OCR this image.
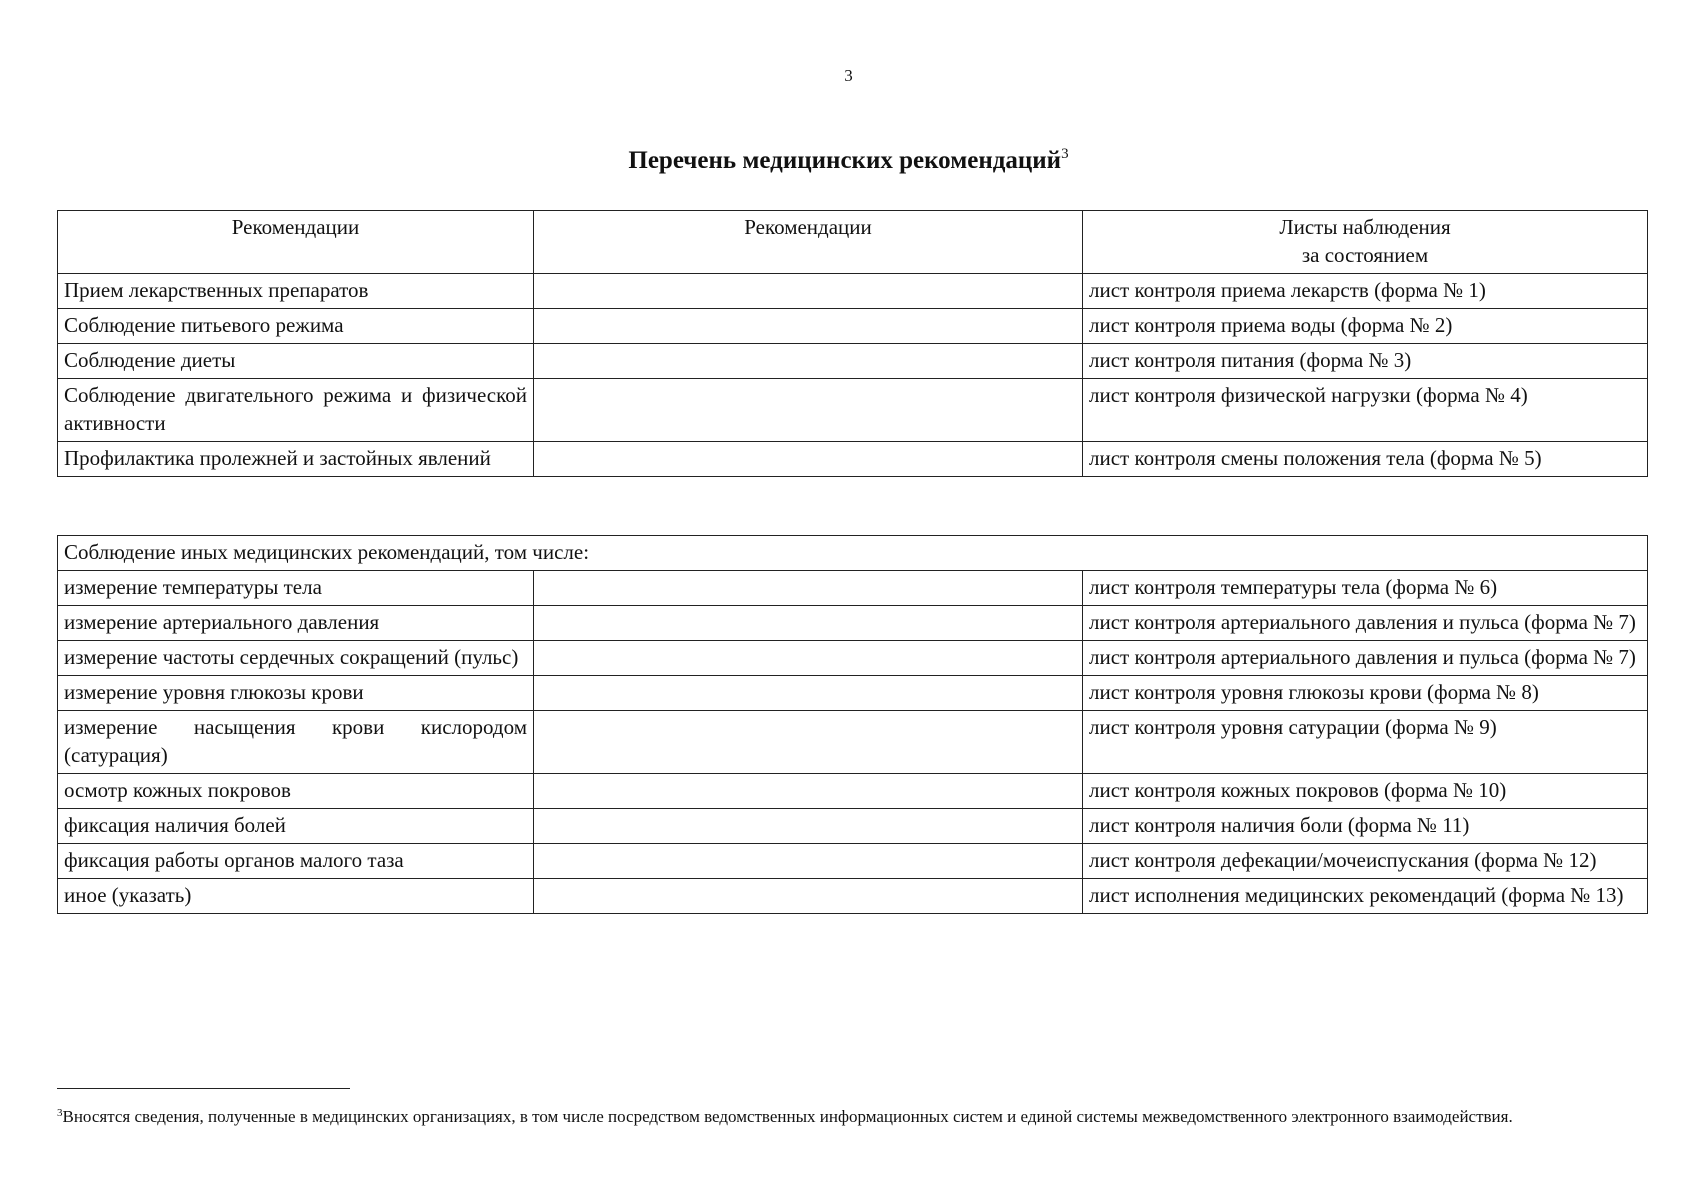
3
Перечень медицинских рекомендаций$^3$
Рекомендации	Рекомендации	Листы наблюдения
за состоянием

Прием лекарственных препаратов		лист контроля приема лекарств (форма № 1)
Соблюдение питьевого режима		лист контроля приема воды (форма № 2)
Соблюдение диеты		лист контроля питания (форма № 3)
Соблюдение двигательного режима и физической активности		лист контроля физической нагрузки (форма № 4)
Профилактика пролежней и застойных явлений		лист контроля смены положения тела (форма № 5)
Соблюдение иных медицинских рекомендаций, том числе:		
измерение температуры тела		лист контроля температуры тела (форма № 6)
измерение артериального давления		лист контроля артериального давления и пульса (форма № 7)
измерение частоты сердечных сокращений (пульс)		лист контроля артериального давления и пульса (форма № 7)
измерение уровня глюкозы крови		лист контроля уровня глюкозы крови (форма № 8)
измерение насыщения крови кислородом (сатурация)		лист контроля уровня сатурации (форма № 9)
осмотр кожных покровов		лист контроля кожных покровов (форма № 10)
фиксация наличия болей		лист контроля наличия боли (форма № 11)
фиксация работы органов малого таза		лист контроля дефекации/мочеиспускания (форма № 12)
иное (указать)		лист исполнения медицинских рекомендаций (форма № 13)

$^3$Вносятся сведения, полученные в медицинских организациях, в том числе посредством ведомственных информационных систем и единой системы межведомственного электронного взаимодействия.
